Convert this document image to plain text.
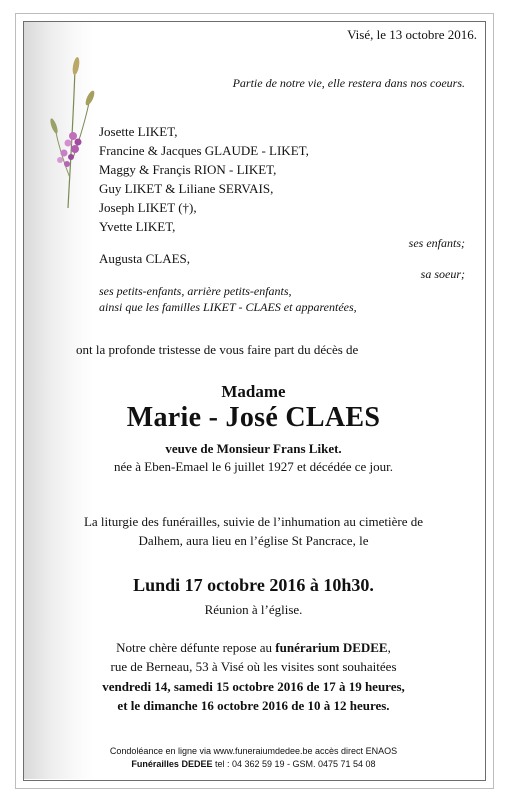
Visé, le 13 octobre 2016.
Partie de notre vie, elle restera dans nos coeurs.
Josette LIKET,
Francine & Jacques GLAUDE - LIKET,
Maggy & Françis RION - LIKET,
Guy LIKET & Liliane SERVAIS,
Joseph LIKET (†),
Yvette LIKET,
ses enfants;
Augusta CLAES,
sa soeur;
ses petits-enfants, arrière petits-enfants,
ainsi que les familles LIKET - CLAES et apparentées,
ont la profonde tristesse de vous faire part du décès de
Madame
Marie - José CLAES
veuve de Monsieur Frans Liket.
née à Eben-Emael le 6 juillet 1927 et décédée ce jour.
La liturgie des funérailles, suivie de l’inhumation au cimetière de
Dalhem, aura lieu en l’église St Pancrace, le
Lundi 17 octobre 2016 à 10h30.
Réunion à l’église.
Notre chère défunte repose au funérarium DEDEE,
rue de Berneau, 53 à Visé où les visites sont souhaitées
vendredi 14, samedi 15 octobre 2016 de 17 à 19 heures,
et le dimanche 16 octobre 2016 de 10 à 12 heures.
Condoléance en ligne via www.funeraiumdedee.be accès direct ENAOS
Funérailles DEDEE tel : 04 362 59 19 - GSM. 0475 71 54 08
